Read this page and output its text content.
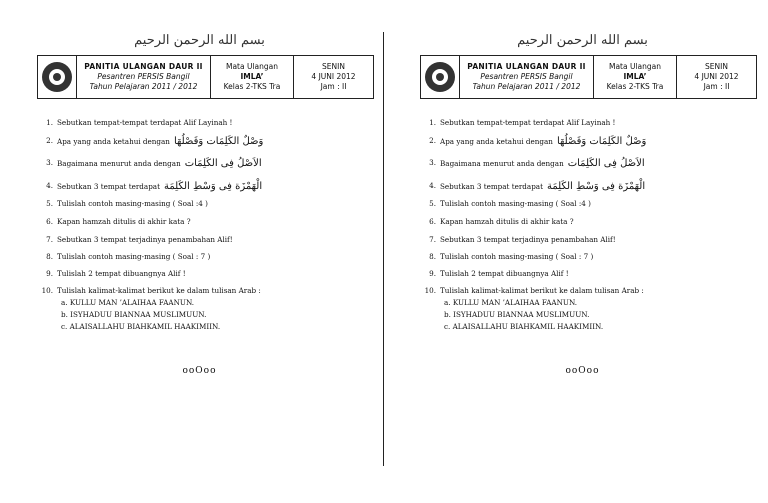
بسم الله الرحمن الرحيم
PANITIA ULANGAN DAUR II
Pesantren PERSIS Bangil
Tahun Pelajaran 2011 / 2012
Mata Ulangan
IMLA’
Kelas 2-TKS Tra
SENIN
4 JUNI 2012
Jam : II
1. Sebutkan tempat-tempat terdapat Alif Layinah !
2. Apa yang anda ketahui dengan وَصْلٌ الكَلِمَات وَفَصْلُهَا
3. Bagaimana menurut anda dengan الاَصْلُ فِى الكَلِمَات
4. Sebutkan 3 tempat terdapat الْهَمْزَة فِى وَسْطِ الكَلِمَة
5. Tulislah contoh masing-masing ( Soal :4 )
6. Kapan hamzah ditulis di akhir kata ?
7. Sebutkan 3 tempat terjadinya penambahan Alif!
8. Tulislah contoh masing-masing ( Soal : 7 )
9. Tulislah 2 tempat dibuangnya Alif !
10. Tulislah kalimat-kalimat berikut ke dalam tulisan Arab :
a. KULLU MAN ’ALAIHAA FAANUN.
b. ISYHADUU BIANNAA MUSLIMUUN.
c. ALAISALLAHU BIAHKAMIL HAAKIMIIN.
ooOoo
بسم الله الرحمن الرحيم
PANITIA ULANGAN DAUR II
Pesantren PERSIS Bangil
Tahun Pelajaran 2011 / 2012
Mata Ulangan
IMLA’
Kelas 2-TKS Tra
SENIN
4 JUNI 2012
Jam : II
1. Sebutkan tempat-tempat terdapat Alif Layinah !
2. Apa yang anda ketahui dengan وَصْلٌ الكَلِمَات وَفَصْلُهَا
3. Bagaimana menurut anda dengan الاَصْلُ فِى الكَلِمَات
4. Sebutkan 3 tempat terdapat الْهَمْزَة فِى وَسْطِ الكَلِمَة
5. Tulislah contoh masing-masing ( Soal :4 )
6. Kapan hamzah ditulis di akhir kata ?
7. Sebutkan 3 tempat terjadinya penambahan Alif!
8. Tulislah contoh masing-masing ( Soal : 7 )
9. Tulislah 2 tempat dibuangnya Alif !
10. Tulislah kalimat-kalimat berikut ke dalam tulisan Arab :
a. KULLU MAN ’ALAIHAA FAANUN.
b. ISYHADUU BIANNAA MUSLIMUUN.
c. ALAISALLAHU BIAHKAMIL HAAKIMIIN.
ooOoo
